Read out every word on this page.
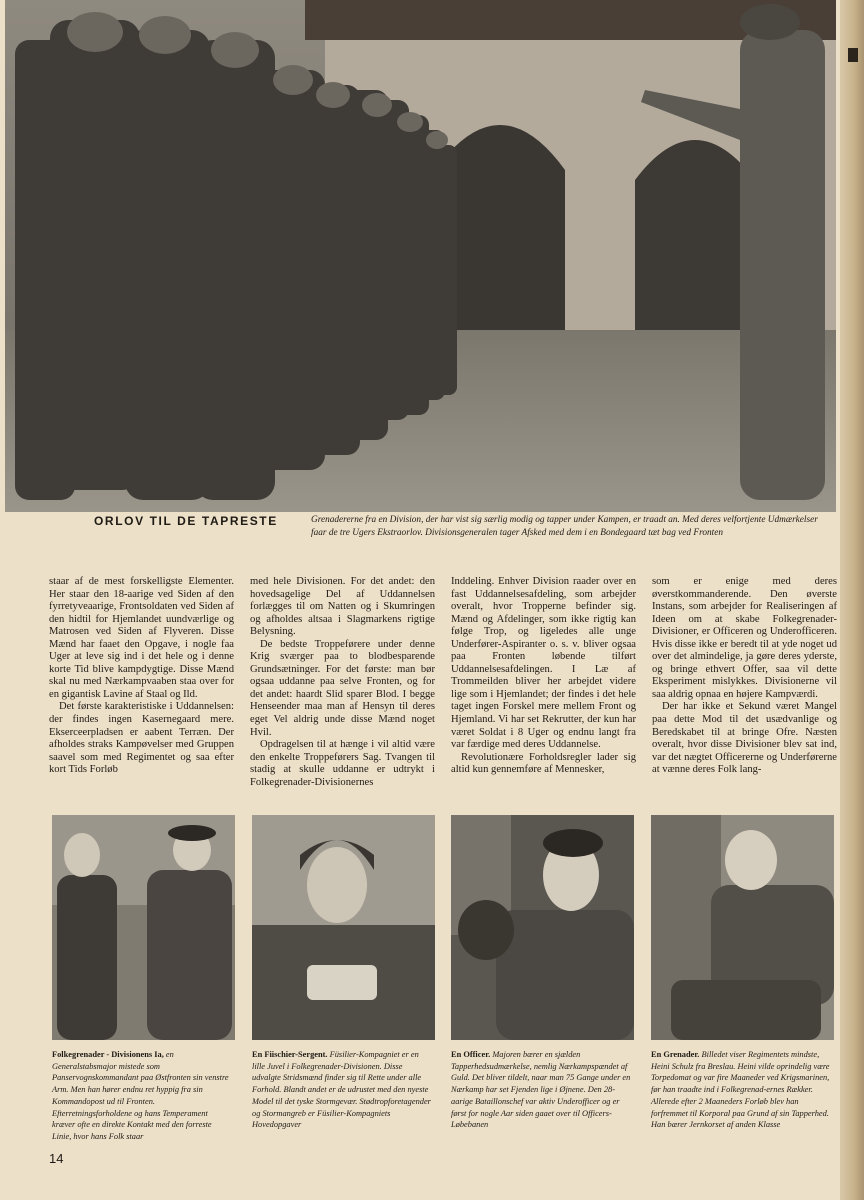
ORLOV TIL DE TAPRESTE	Grenadererne fra en Division, der har vist sig særlig modig og tapper under Kampen, er traadt an. Med deres velfortjente Udmærkelser faar de tre Ugers Ekstraorlov. Divisionsgeneralen tager Afsked med dem i en Bondegaard tæt bag ved Fronten

staar af de mest forskelligste Elementer. Her staar den 18-aarige ved Siden af den fyrretyveaarige, Frontsoldaten ved Siden af den hidtil for Hjemlandet uundværlige og Matrosen ved Siden af Flyveren. Disse Mænd har faaet den Opgave, i nogle faa Uger at leve sig ind i det hele og i denne korte Tid blive kampdygtige. Disse Mænd skal nu med Nærkampvaaben staa over for en gigantisk Lavine af Staal og Ild.

Det første karakteristiske i Uddannelsen: der findes ingen Kasernegaard mere. Ekserceerpladsen er aabent Terræn. Der afholdes straks Kampøvelser med Gruppen saavel som med Regimentet og saa efter kort Tids Forløb

med hele Divisionen. For det andet: den hovedsagelige Del af Uddannelsen forlægges til om Natten og i Skumringen og afholdes altsaa i Slagmarkens rigtige Belysning.

De bedste Troppeførere under denne Krig sværger paa to blodbesparende Grundsætninger. For det første: man bør ogsaa uddanne paa selve Fronten, og for det andet: haardt Slid sparer Blod. I begge Henseender maa man af Hensyn til deres eget Vel aldrig unde disse Mænd noget Hvil.

Opdragelsen til at hænge i vil altid være den enkelte Troppeførers Sag. Tvangen til stadig at skulle uddanne er udtrykt i Folkegrenader-Divisionernes

Inddeling. Enhver Division raader over en fast Uddannelsesafdeling, som arbejder overalt, hvor Tropperne befinder sig. Mænd og Afdelinger, som ikke rigtig kan følge Trop, og ligeledes alle unge Underfører-Aspiranter o. s. v. bliver ogsaa paa Fronten løbende tilført Uddannelsesafdelingen. I Læ af Trommeilden bliver her arbejdet videre lige som i Hjemlandet; der findes i det hele taget ingen Forskel mere mellem Front og Hjemland. Vi har set Rekrutter, der kun har været Soldat i 8 Uger og endnu langt fra var færdige med deres Uddannelse.

Revolutionære Forholdsregler lader sig altid kun gennemføre af Mennesker,

som er enige med deres øverstkommanderende. Den øverste Instans, som arbejder for Realiseringen af Ideen om at skabe Folkegrenader-Divisioner, er Officeren og Underofficeren. Hvis disse ikke er beredt til at yde noget ud over det almindelige, ja gøre deres yderste, og bringe ethvert Offer, saa vil dette Eksperiment mislykkes. Divisionerne vil saa aldrig opnaa en højere Kampværdi.

Der har ikke et Sekund været Mangel paa dette Mod til det usædvanlige og Beredskabet til at bringe Ofre. Næsten overalt, hvor disse Divisioner blev sat ind, var det nægtet Officererne og Underførerne at vænne deres Folk lang-

Folkegrenader - Divisionens Ia, en Generalstabsmajor mistede som Panservognskommandant paa Østfronten sin venstre Arm. Men han hører endnu ret hyppig fra sin Kommandopost ud til Fronten. Efterretningsforholdene og hans Temperament kræver ofte en direkte Kontakt med den forreste Linie, hvor hans Folk staar
En Fiischier-Sergent. Füsilier-Kompagniet er en lille Juvel i Folkegrenader-Divisionen. Disse udvalgte Stridsmænd finder sig til Rette under alle Forhold. Blandt andet er de udrustet med den nyeste Model til det tyske Stormgevær. Stødtropforetagender og Stormangreb er Füsilier-Kompagniets Hovedopgaver
En Officer. Majoren bærer en sjælden Tapperhedsudmærkelse, nemlig Nærkampspændet af Guld. Det bliver tildelt, naar man 75 Gange under en Nærkamp har set Fjenden lige i Øjnene. Den 28-aarige Bataillonschef var aktiv Underofficer og er først for nogle Aar siden gaaet over til Officers-Løbebanen
En Grenader. Billedet viser Regimentets mindste, Heini Schulz fra Breslau. Heini vilde oprindelig være Torpedomat og var fire Maaneder ved Krigsmarinen, før han traadte ind i Folkegrenad-ernes Rækker. Allerede efter 2 Maaneders Forløb blev han forfremmet til Korporal paa Grund af sin Tapperhed. Han bærer Jernkorset af anden Klasse
14
